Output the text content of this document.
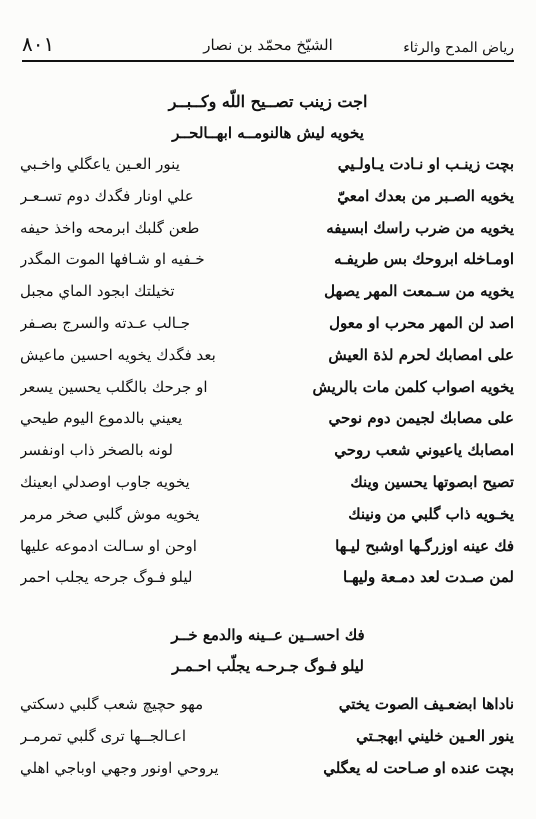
رياض المدح والرثاء
الشيّخ محمّد بن نصار
٨٠١
اجت زينب تصــيح اللّه وكــبــر
يخويه ليش هالنومــه ابهــالحــر
بچت زينـب او نـادت يـاولـيي
ينور العـين ياعگلي واخـبي
يخويه الصـبر من بعدك امعيّ
علي اونار فگدك دوم تسـعـر
يخويه من ضرب راسك ابسيفه
طعن گلبك ابرمحه واخذ حيفه
اومـاخله ابروحك بس طريفـه
خـفيه او شـافها الموت المگدر
يخويه من سـمعت المهر يصهل
تخيلتك ابجود الماي مجبل
اصد لن المهر محرب او معول
جـالب عـدته والسرج بصـفر
على امصابك لحرم لذة العيش
بعد فگدك يخويه احسين ماعيش
يخويه اصواب كلمن مات بالريش
او جرحك بالگلب يحسين يسعر
على مصابك لجيمن دوم نوحي
يعيني بالدموع اليوم طيحي
امصابك ياعيوني شعب روحي
لونه بالصخر ذاب اونفسر
تصيح ابصوتها يحسين وينك
يخويه جاوب اوصدلي ابعينك
يخـويه ذاب گلبي من ونينك
يخويه موش گلبي صخر مرمر
فك عينه اوزرگـها اوشبح ليـها
اوحن او سـالت ادموعه عليها
لمن صـدت لعد دمـعة وليهـا
ليلو فـوگ جرحه يجلب احمر
فك احســين عــينه والدمع خــر
ليلو فـوگ جـرحـه يجلّب احـمـر
ناداها ابضعـيف الصوت يختي
مهو حچيچ شعب گلبي دسكتي
ينور العـين خليني ابهجـتي
اعـالجــها ترى گلبي تمرمـر
بچت عنده او صـاحت له يعگلي
يروحي اونور وجهي اوباجي اهلي
